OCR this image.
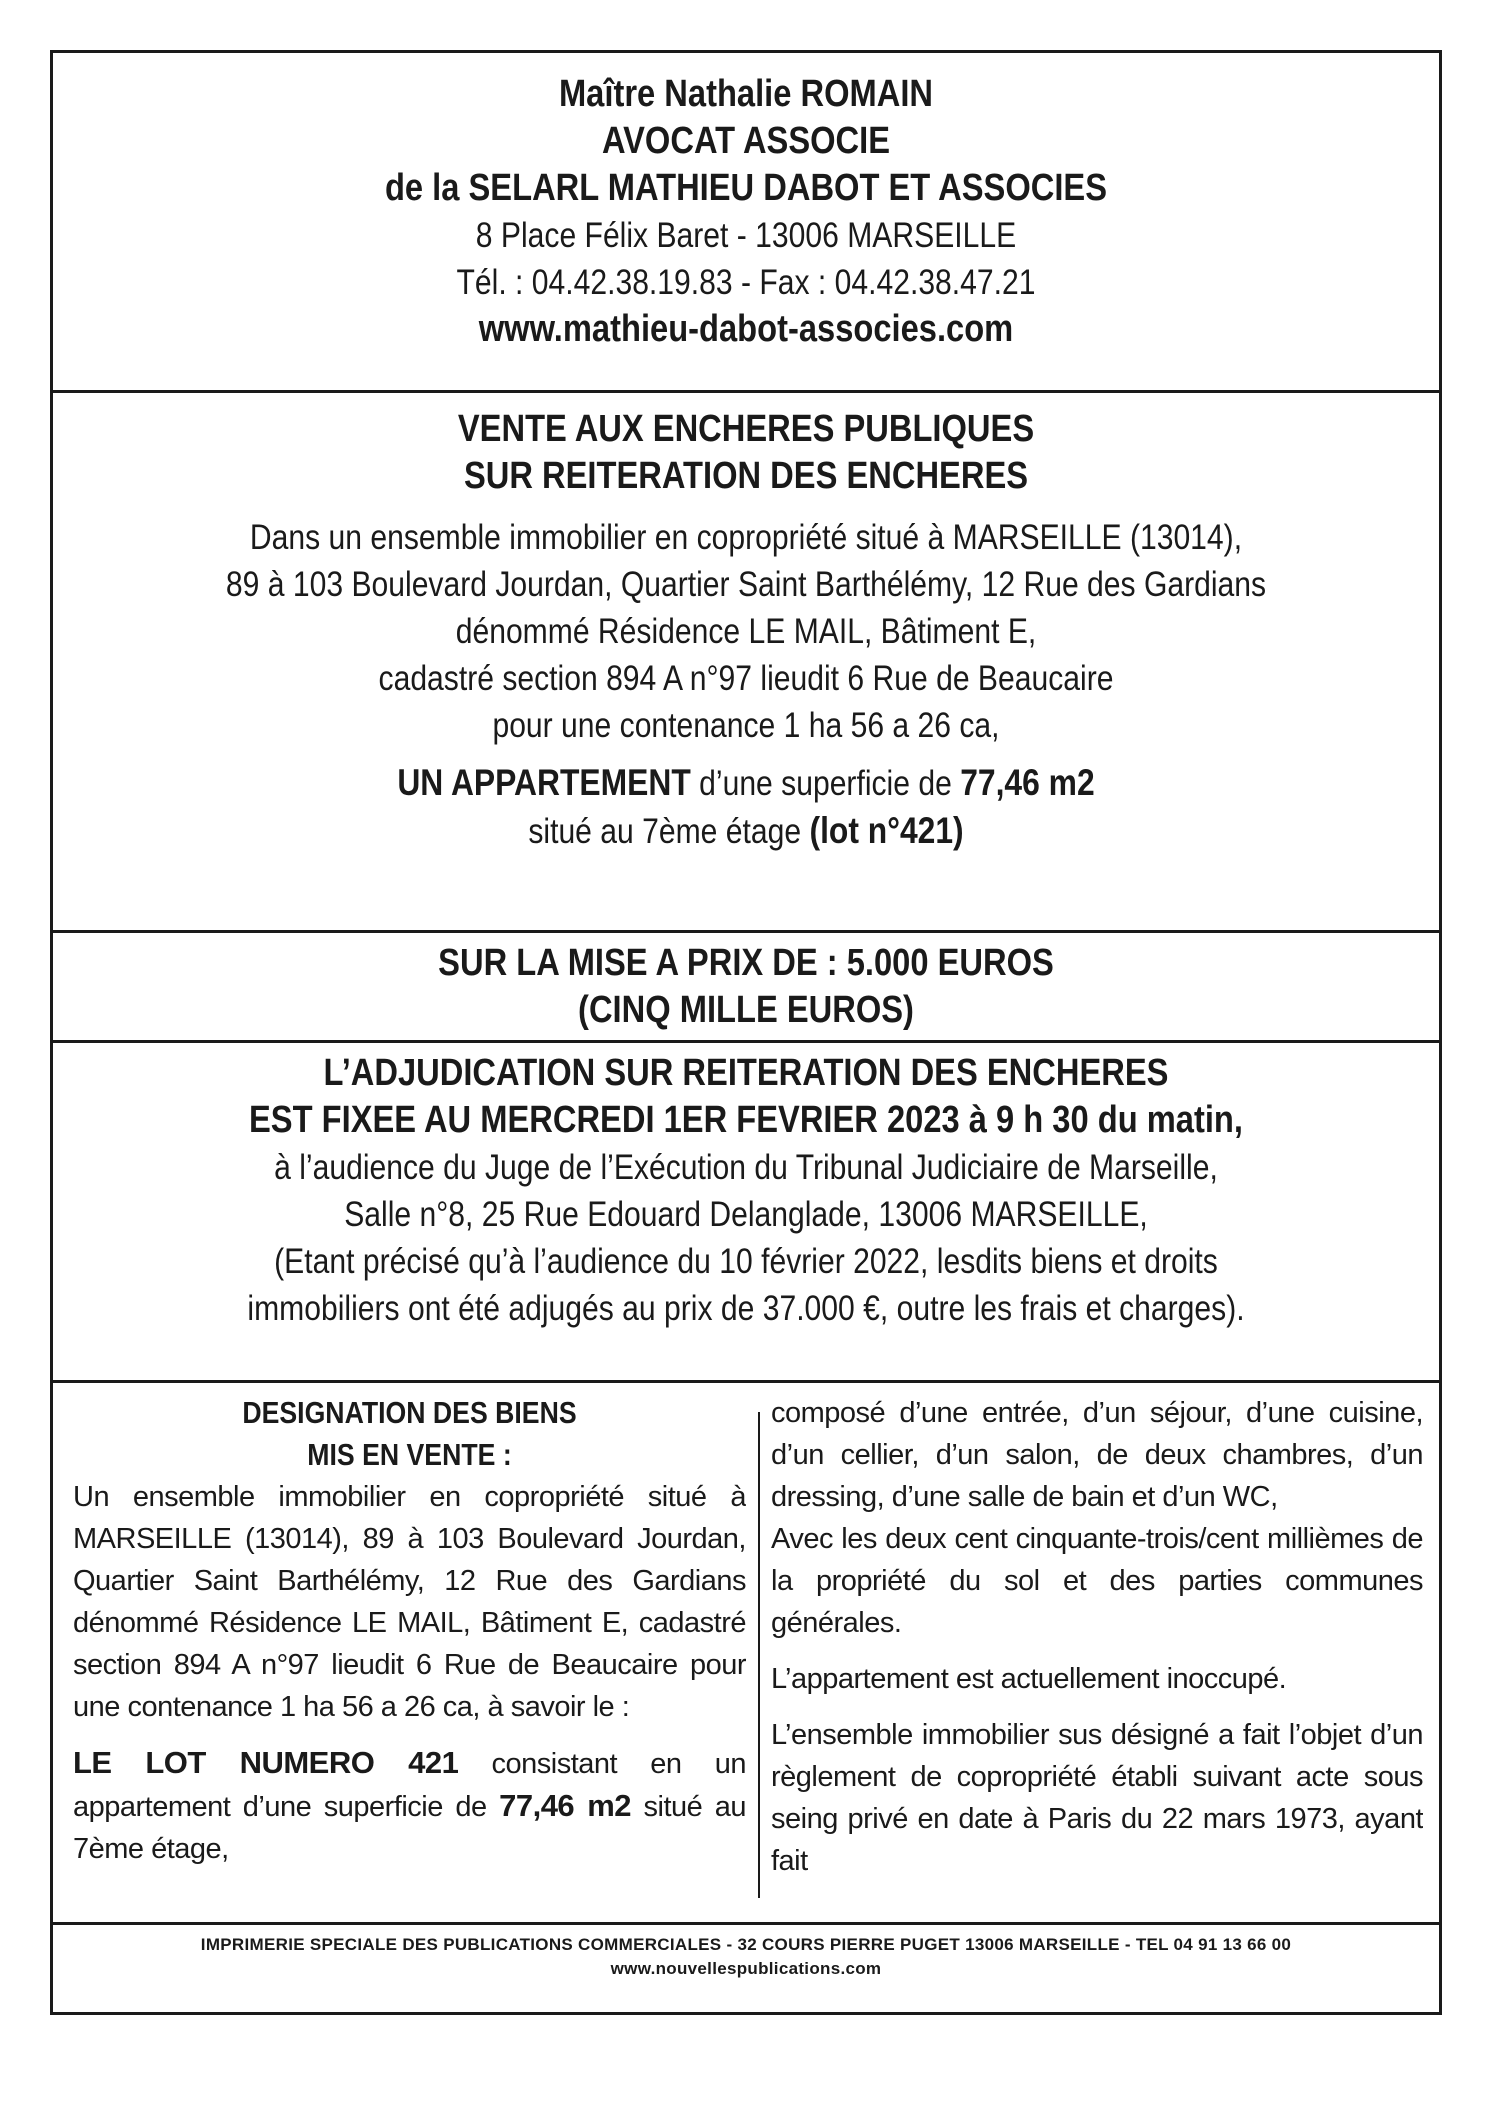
Maître Nathalie ROMAIN
AVOCAT ASSOCIE
de la SELARL MATHIEU DABOT ET ASSOCIES
8 Place Félix Baret - 13006 MARSEILLE
Tél. : 04.42.38.19.83 - Fax : 04.42.38.47.21
www.mathieu-dabot-associes.com
VENTE AUX ENCHERES PUBLIQUES
SUR REITERATION DES ENCHERES
Dans un ensemble immobilier en copropriété situé à MARSEILLE (13014),
89 à 103 Boulevard Jourdan, Quartier Saint Barthélémy, 12 Rue des Gardians
dénommé Résidence LE MAIL, Bâtiment E,
cadastré section 894 A n°97 lieudit 6 Rue de Beaucaire
pour une contenance 1 ha 56 a 26 ca,
UN APPARTEMENT d’une superficie de 77,46 m2
situé au 7ème étage (lot n°421)
SUR LA MISE A PRIX DE : 5.000 EUROS
(CINQ MILLE EUROS)
L’ADJUDICATION SUR REITERATION DES ENCHERES
EST FIXEE AU MERCREDI 1ER FEVRIER 2023 à 9 h 30 du matin,
à l’audience du Juge de l’Exécution du Tribunal Judiciaire de Marseille,
Salle n°8, 25 Rue Edouard Delanglade, 13006 MARSEILLE,
(Etant précisé qu’à l’audience du 10 février 2022, lesdits biens et droits
immobiliers ont été adjugés au prix de 37.000 €, outre les frais et charges).

DESIGNATION DES BIENS

MIS EN VENTE :

Un ensemble immobilier en copropriété situé à MARSEILLE (13014), 89 à 103 Boulevard Jourdan, Quartier Saint Barthélémy, 12 Rue des Gardians dénommé Résidence LE MAIL, Bâtiment E, cadastré section 894 A n°97 lieudit 6 Rue de Beaucaire pour une contenance 1 ha 56 a 26 ca, à savoir le :

LE LOT NUMERO 421 consistant en un appartement d’une superficie de 77,46 m2 situé au 7ème étage,

composé d’une entrée, d’un séjour, d’une cuisine, d’un cellier, d’un salon, de deux chambres, d’un dressing, d’une salle de bain et d’un WC,

Avec les deux cent cinquante-trois/cent millièmes de la propriété du sol et des parties communes générales.

L’appartement est actuellement inoccupé.

L’ensemble immobilier sus désigné a fait l’objet d’un règlement de copropriété établi suivant acte sous seing privé en date à Paris du 22 mars 1973, ayant fait

IMPRIMERIE SPECIALE DES PUBLICATIONS COMMERCIALES - 32 COURS PIERRE PUGET 13006 MARSEILLE - TEL 04 91 13 66 00
www.nouvellespublications.com
